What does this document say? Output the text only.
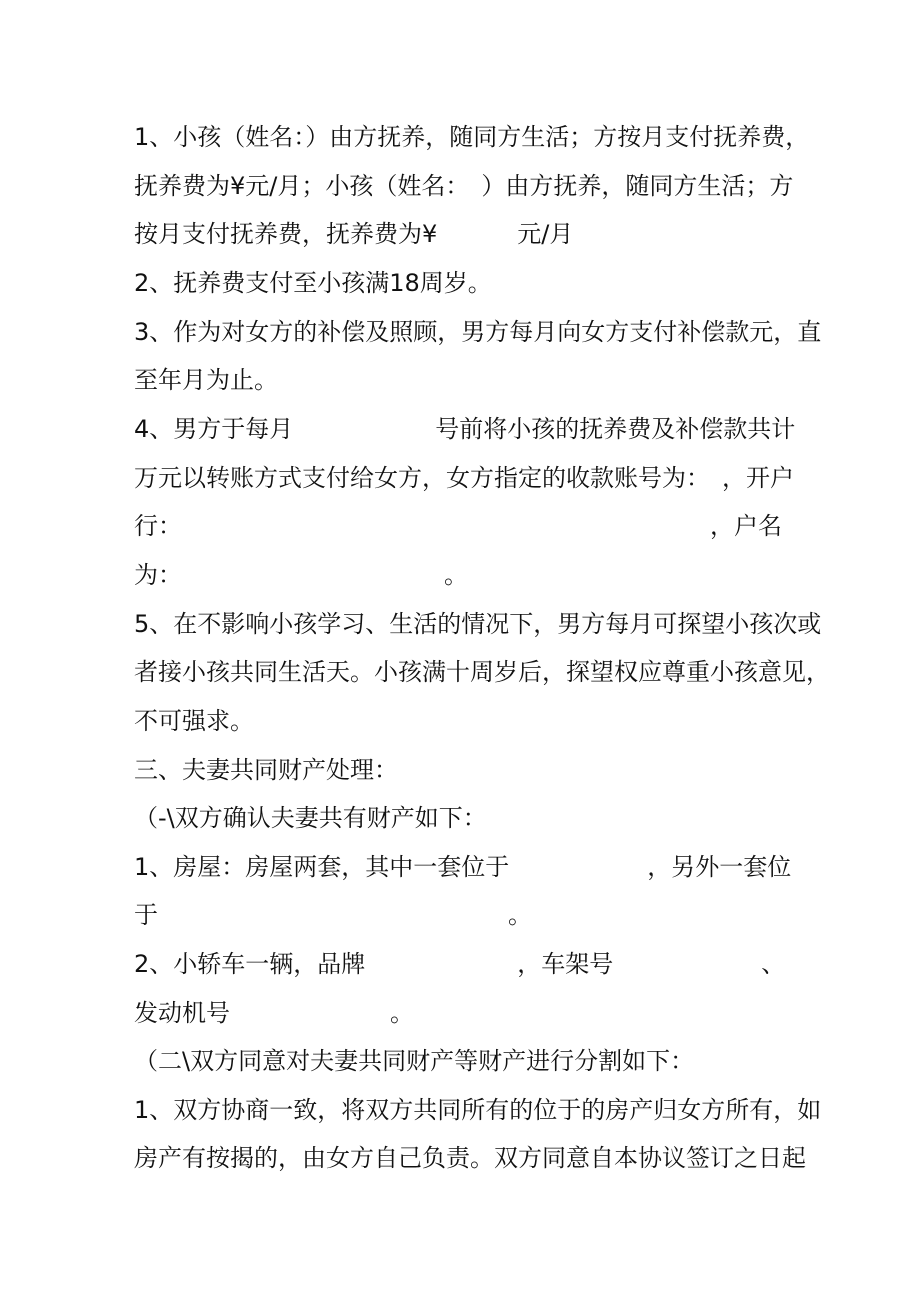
1、小孩（姓名：）由方抚养，随同方生活；方按月支付抚养费，
抚养费为¥元/月；小孩（姓名：　）由方抚养，随同方生活；方
按月支付抚养费，抚养费为¥	元/月
2、抚养费支付至小孩满18周岁。
3、作为对女方的补偿及照顾，男方每月向女方支付补偿款元，直
至年月为止。
4、男方于每月	号前将小孩的抚养费及补偿款共计
万元以转账方式支付给女方，女方指定的收款账号为：　，开户
行：	，户名
为：	。
5、在不影响小孩学习、生活的情况下，男方每月可探望小孩次或
者接小孩共同生活天。小孩满十周岁后，探望权应尊重小孩意见，
不可强求。
三、夫妻共同财产处理：
（-\双方确认夫妻共有财产如下：
1、房屋：房屋两套，其中一套位于	，另外一套位
于	。
2、小轿车一辆，品牌	，车架号	、
发动机号	。
（二\双方同意对夫妻共同财产等财产进行分割如下：
1、双方协商一致，将双方共同所有的位于的房产归女方所有，如
房产有按揭的，由女方自己负责。双方同意自本协议签订之日起
